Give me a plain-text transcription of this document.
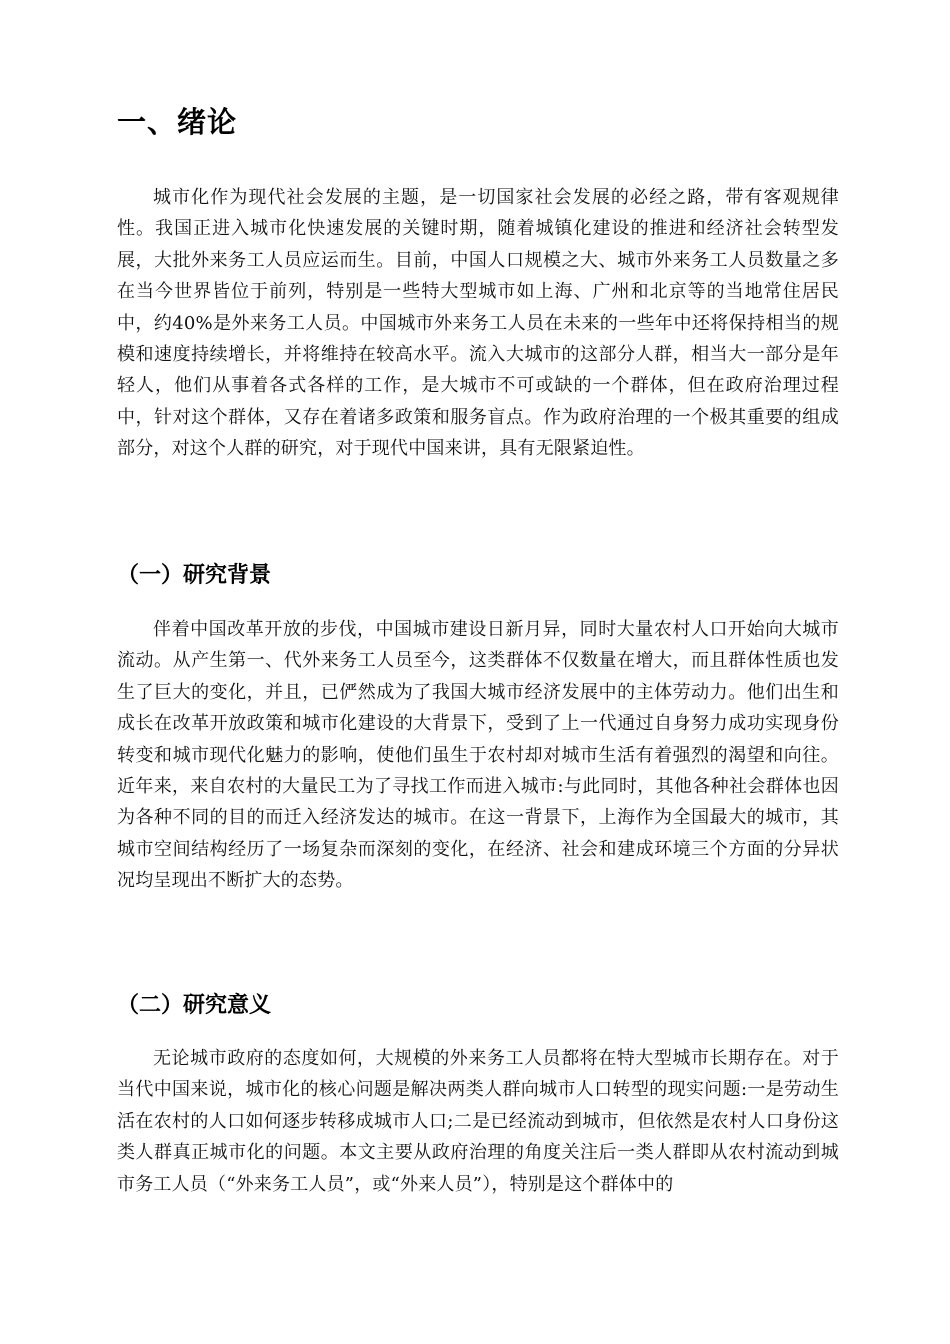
一、绪论

城市化作为现代社会发展的主题，是一切国家社会发展的必经之路，带有客观规律性。我国正进入城市化快速发展的关键时期，随着城镇化建设的推进和经济社会转型发展，大批外来务工人员应运而生。目前，中国人口规模之大、城市外来务工人员数量之多在当今世界皆位于前列，特别是一些特大型城市如上海、广州和北京等的当地常住居民中，约40%是外来务工人员。中国城市外来务工人员在未来的一些年中还将保持相当的规模和速度持续增长，并将维持在较高水平。流入大城市的这部分人群，相当大一部分是年轻人，他们从事着各式各样的工作，是大城市不可或缺的一个群体，但在政府治理过程中，针对这个群体，又存在着诸多政策和服务盲点。作为政府治理的一个极其重要的组成部分，对这个人群的研究，对于现代中国来讲，具有无限紧迫性。

（一）研究背景

伴着中国改革开放的步伐，中国城市建设日新月异，同时大量农村人口开始向大城市流动。从产生第一、代外来务工人员至今，这类群体不仅数量在增大，而且群体性质也发生了巨大的变化，并且，已俨然成为了我国大城市经济发展中的主体劳动力。他们出生和成长在改革开放政策和城市化建设的大背景下，受到了上一代通过自身努力成功实现身份转变和城市现代化魅力的影响，使他们虽生于农村却对城市生活有着强烈的渴望和向往。近年来，来自农村的大量民工为了寻找工作而进入城市:与此同时，其他各种社会群体也因为各种不同的目的而迁入经济发达的城市。在这一背景下，上海作为全国最大的城市，其城市空间结构经历了一场复杂而深刻的变化，在经济、社会和建成环境三个方面的分异状况均呈现出不断扩大的态势。

（二）研究意义

无论城市政府的态度如何，大规模的外来务工人员都将在特大型城市长期存在。对于当代中国来说，城市化的核心问题是解决两类人群向城市人口转型的现实问题:一是劳动生活在农村的人口如何逐步转移成城市人口;二是已经流动到城市，但依然是农村人口身份这类人群真正城市化的问题。本文主要从政府治理的角度关注后一类人群即从农村流动到城市务工人员（“外来务工人员”，或“外来人员”），特别是这个群体中的
